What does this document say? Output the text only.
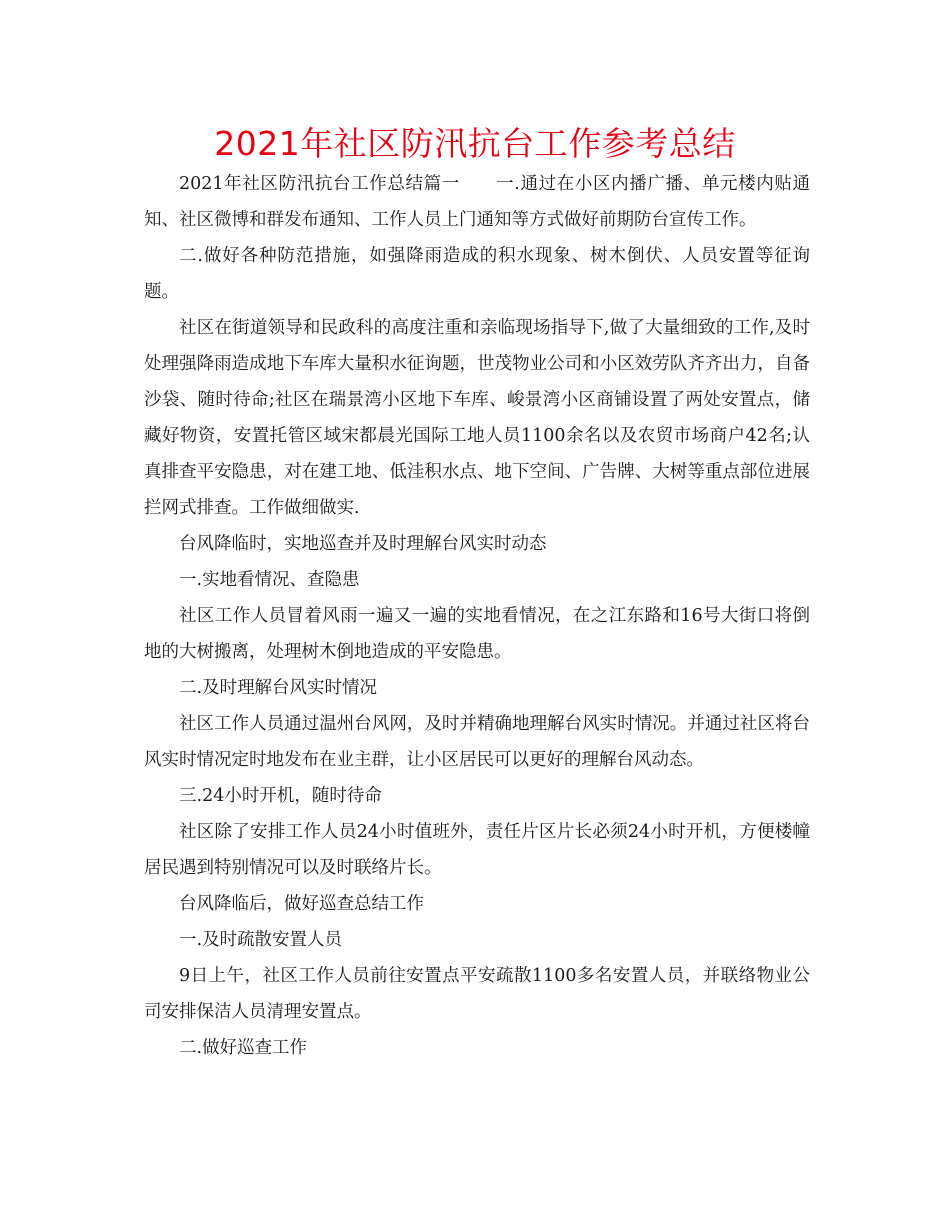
2021年社区防汛抗台工作参考总结

2021年社区防汛抗台工作总结篇一　　一.通过在小区内播广播、单元楼内贴通知、社区微博和群发布通知、工作人员上门通知等方式做好前期防台宣传工作。

二.做好各种防范措施，如强降雨造成的积水现象、树木倒伏、人员安置等征询题。

社区在街道领导和民政科的高度注重和亲临现场指导下,做了大量细致的工作,及时处理强降雨造成地下车库大量积水征询题，世茂物业公司和小区效劳队齐齐出力，自备沙袋、随时待命;社区在瑞景湾小区地下车库、峻景湾小区商铺设置了两处安置点，储藏好物资，安置托管区域宋都晨光国际工地人员1100余名以及农贸市场商户42名;认真排查平安隐患，对在建工地、低洼积水点、地下空间、广告牌、大树等重点部位进展拦网式排查。工作做细做实.

台风降临时，实地巡查并及时理解台风实时动态

一.实地看情况、查隐患

社区工作人员冒着风雨一遍又一遍的实地看情况，在之江东路和16号大街口将倒地的大树搬离，处理树木倒地造成的平安隐患。

二.及时理解台风实时情况

社区工作人员通过温州台风网，及时并精确地理解台风实时情况。并通过社区将台风实时情况定时地发布在业主群，让小区居民可以更好的理解台风动态。

三.24小时开机，随时待命

社区除了安排工作人员24小时值班外，责任片区片长必须24小时开机，方便楼幢居民遇到特别情况可以及时联络片长。

台风降临后，做好巡查总结工作

一.及时疏散安置人员

9日上午，社区工作人员前往安置点平安疏散1100多名安置人员，并联络物业公司安排保洁人员清理安置点。

二.做好巡查工作
